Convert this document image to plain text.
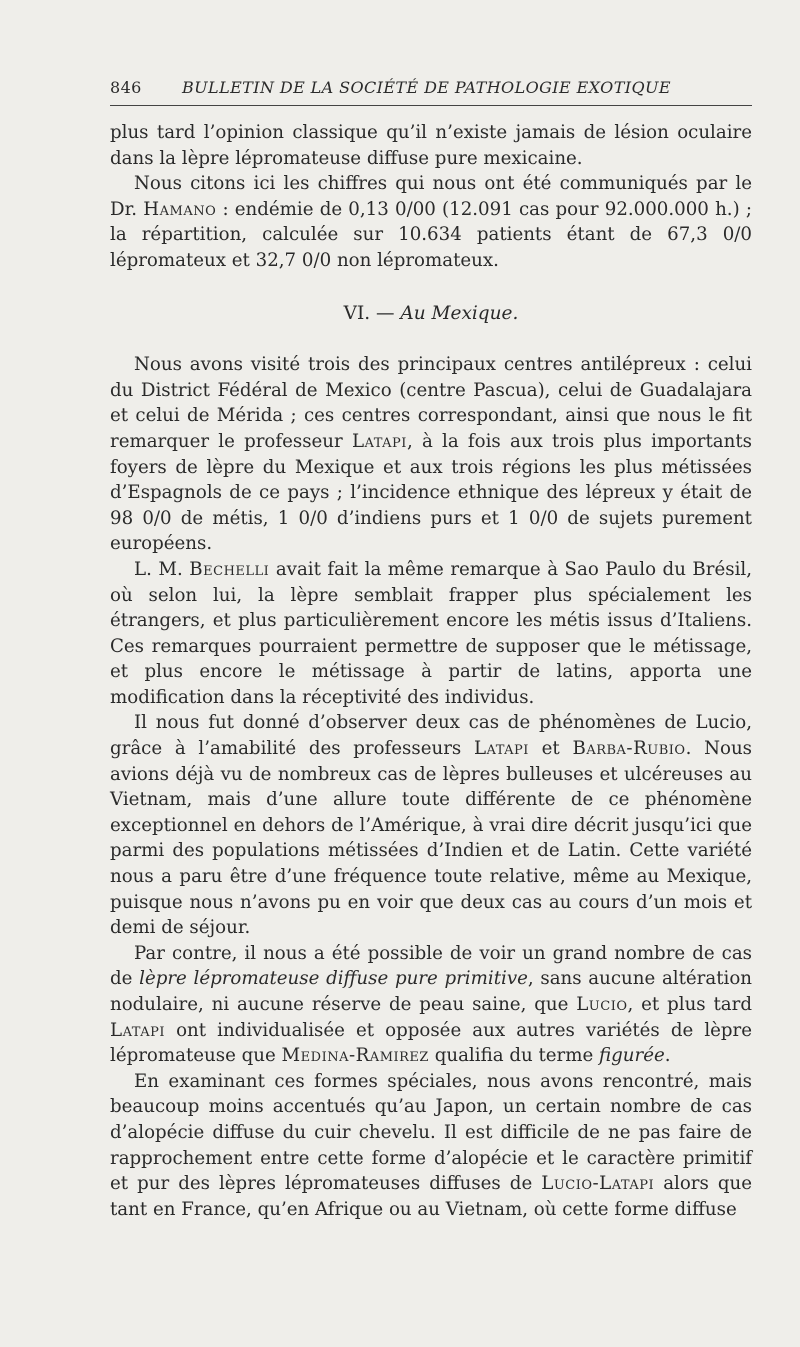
846	BULLETIN DE LA SOCIÉTÉ DE PATHOLOGIE EXOTIQUE

plus tard l’opinion classique qu’il n’existe jamais de lésion oculaire dans la lèpre lépromateuse diffuse pure mexicaine.

Nous citons ici les chiffres qui nous ont été communiqués par le Dr. Hamano : endémie de 0,13 0/00 (12.091 cas pour 92.000.000 h.) ; la répartition, calculée sur 10.634 patients étant de 67,3 0/0 lépromateux et 32,7 0/0 non lépromateux.

VI. — Au Mexique.

Nous avons visité trois des principaux centres antilépreux : celui du District Fédéral de Mexico (centre Pascua), celui de Guadalajara et celui de Mérida ; ces centres correspondant, ainsi que nous le fit remarquer le professeur Latapi, à la fois aux trois plus importants foyers de lèpre du Mexique et aux trois régions les plus métissées d’Espagnols de ce pays ; l’incidence ethnique des lépreux y était de 98 0/0 de métis, 1 0/0 d’indiens purs et 1 0/0 de sujets purement européens.

L. M. Bechelli avait fait la même remarque à Sao Paulo du Brésil, où selon lui, la lèpre semblait frapper plus spécialement les étrangers, et plus particulièrement encore les métis issus d’Italiens. Ces remarques pourraient permettre de supposer que le métissage, et plus encore le métissage à partir de latins, apporta une modification dans la réceptivité des individus.

Il nous fut donné d’observer deux cas de phénomènes de Lucio, grâce à l’amabilité des professeurs Latapi et Barba-Rubio. Nous avions déjà vu de nombreux cas de lèpres bulleuses et ulcéreuses au Vietnam, mais d’une allure toute différente de ce phénomène exceptionnel en dehors de l’Amérique, à vrai dire décrit jusqu’ici que parmi des populations métissées d’Indien et de Latin. Cette variété nous a paru être d’une fréquence toute relative, même au Mexique, puisque nous n’avons pu en voir que deux cas au cours d’un mois et demi de séjour.

Par contre, il nous a été possible de voir un grand nombre de cas de lèpre lépromateuse diffuse pure primitive, sans aucune altération nodulaire, ni aucune réserve de peau saine, que Lucio, et plus tard Latapi ont individualisée et opposée aux autres variétés de lèpre lépromateuse que Medina-Ramirez qualifia du terme figurée.

En examinant ces formes spéciales, nous avons rencontré, mais beaucoup moins accentués qu’au Japon, un certain nombre de cas d’alopécie diffuse du cuir chevelu. Il est difficile de ne pas faire de rapprochement entre cette forme d’alopécie et le caractère primitif et pur des lèpres lépromateuses diffuses de Lucio-Latapi alors que tant en France, qu’en Afrique ou au Vietnam, où cette forme diffuse
